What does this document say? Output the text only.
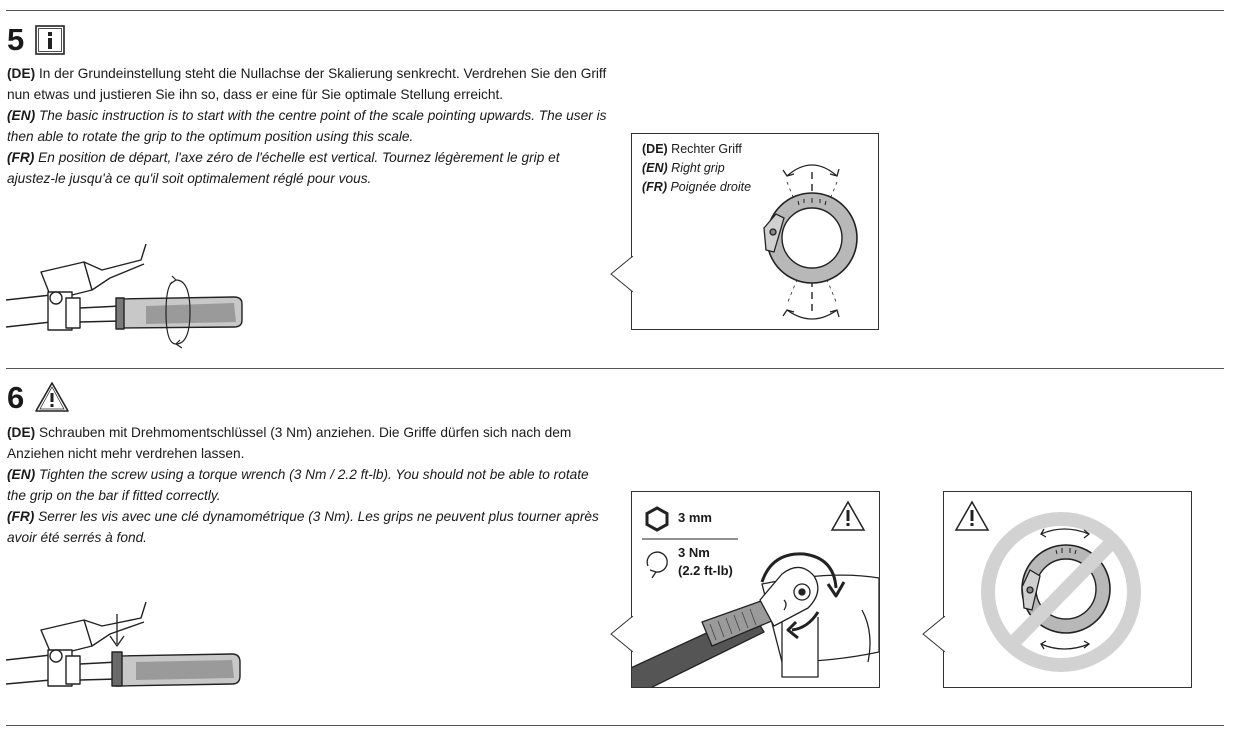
5

(DE) In der Grundeinstellung steht die Nullachse der Skalierung senkrecht. Verdrehen Sie den Griff nun etwas und justieren Sie ihn so, dass er eine für Sie optimale Stellung erreicht.

(EN) The basic instruction is to start with the centre point of the scale pointing upwards. The user is then able to rotate the grip to the optimum position using this scale.

(FR) En position de départ, l'axe zéro de l'échelle est vertical. Tournez légèrement le grip et ajustez-le jusqu'à ce qu'il soit optimalement réglé pour vous.

(DE) Rechter Griff
(EN) Right grip
(FR) Poignée droite
6

(DE) Schrauben mit Drehmomentschlüssel (3 Nm) anziehen. Die Griffe dürfen sich nach dem Anziehen nicht mehr verdrehen lassen.

(EN) Tighten the screw using a torque wrench (3 Nm / 2.2 ft-lb). You should not be able to rotate the grip on the bar if fitted correctly.

(FR) Serrer les vis avec une clé dynamométrique (3 Nm). Les grips ne peuvent plus tourner après avoir été serrés à fond.

3 mm
3 Nm
(2.2 ft-lb)
